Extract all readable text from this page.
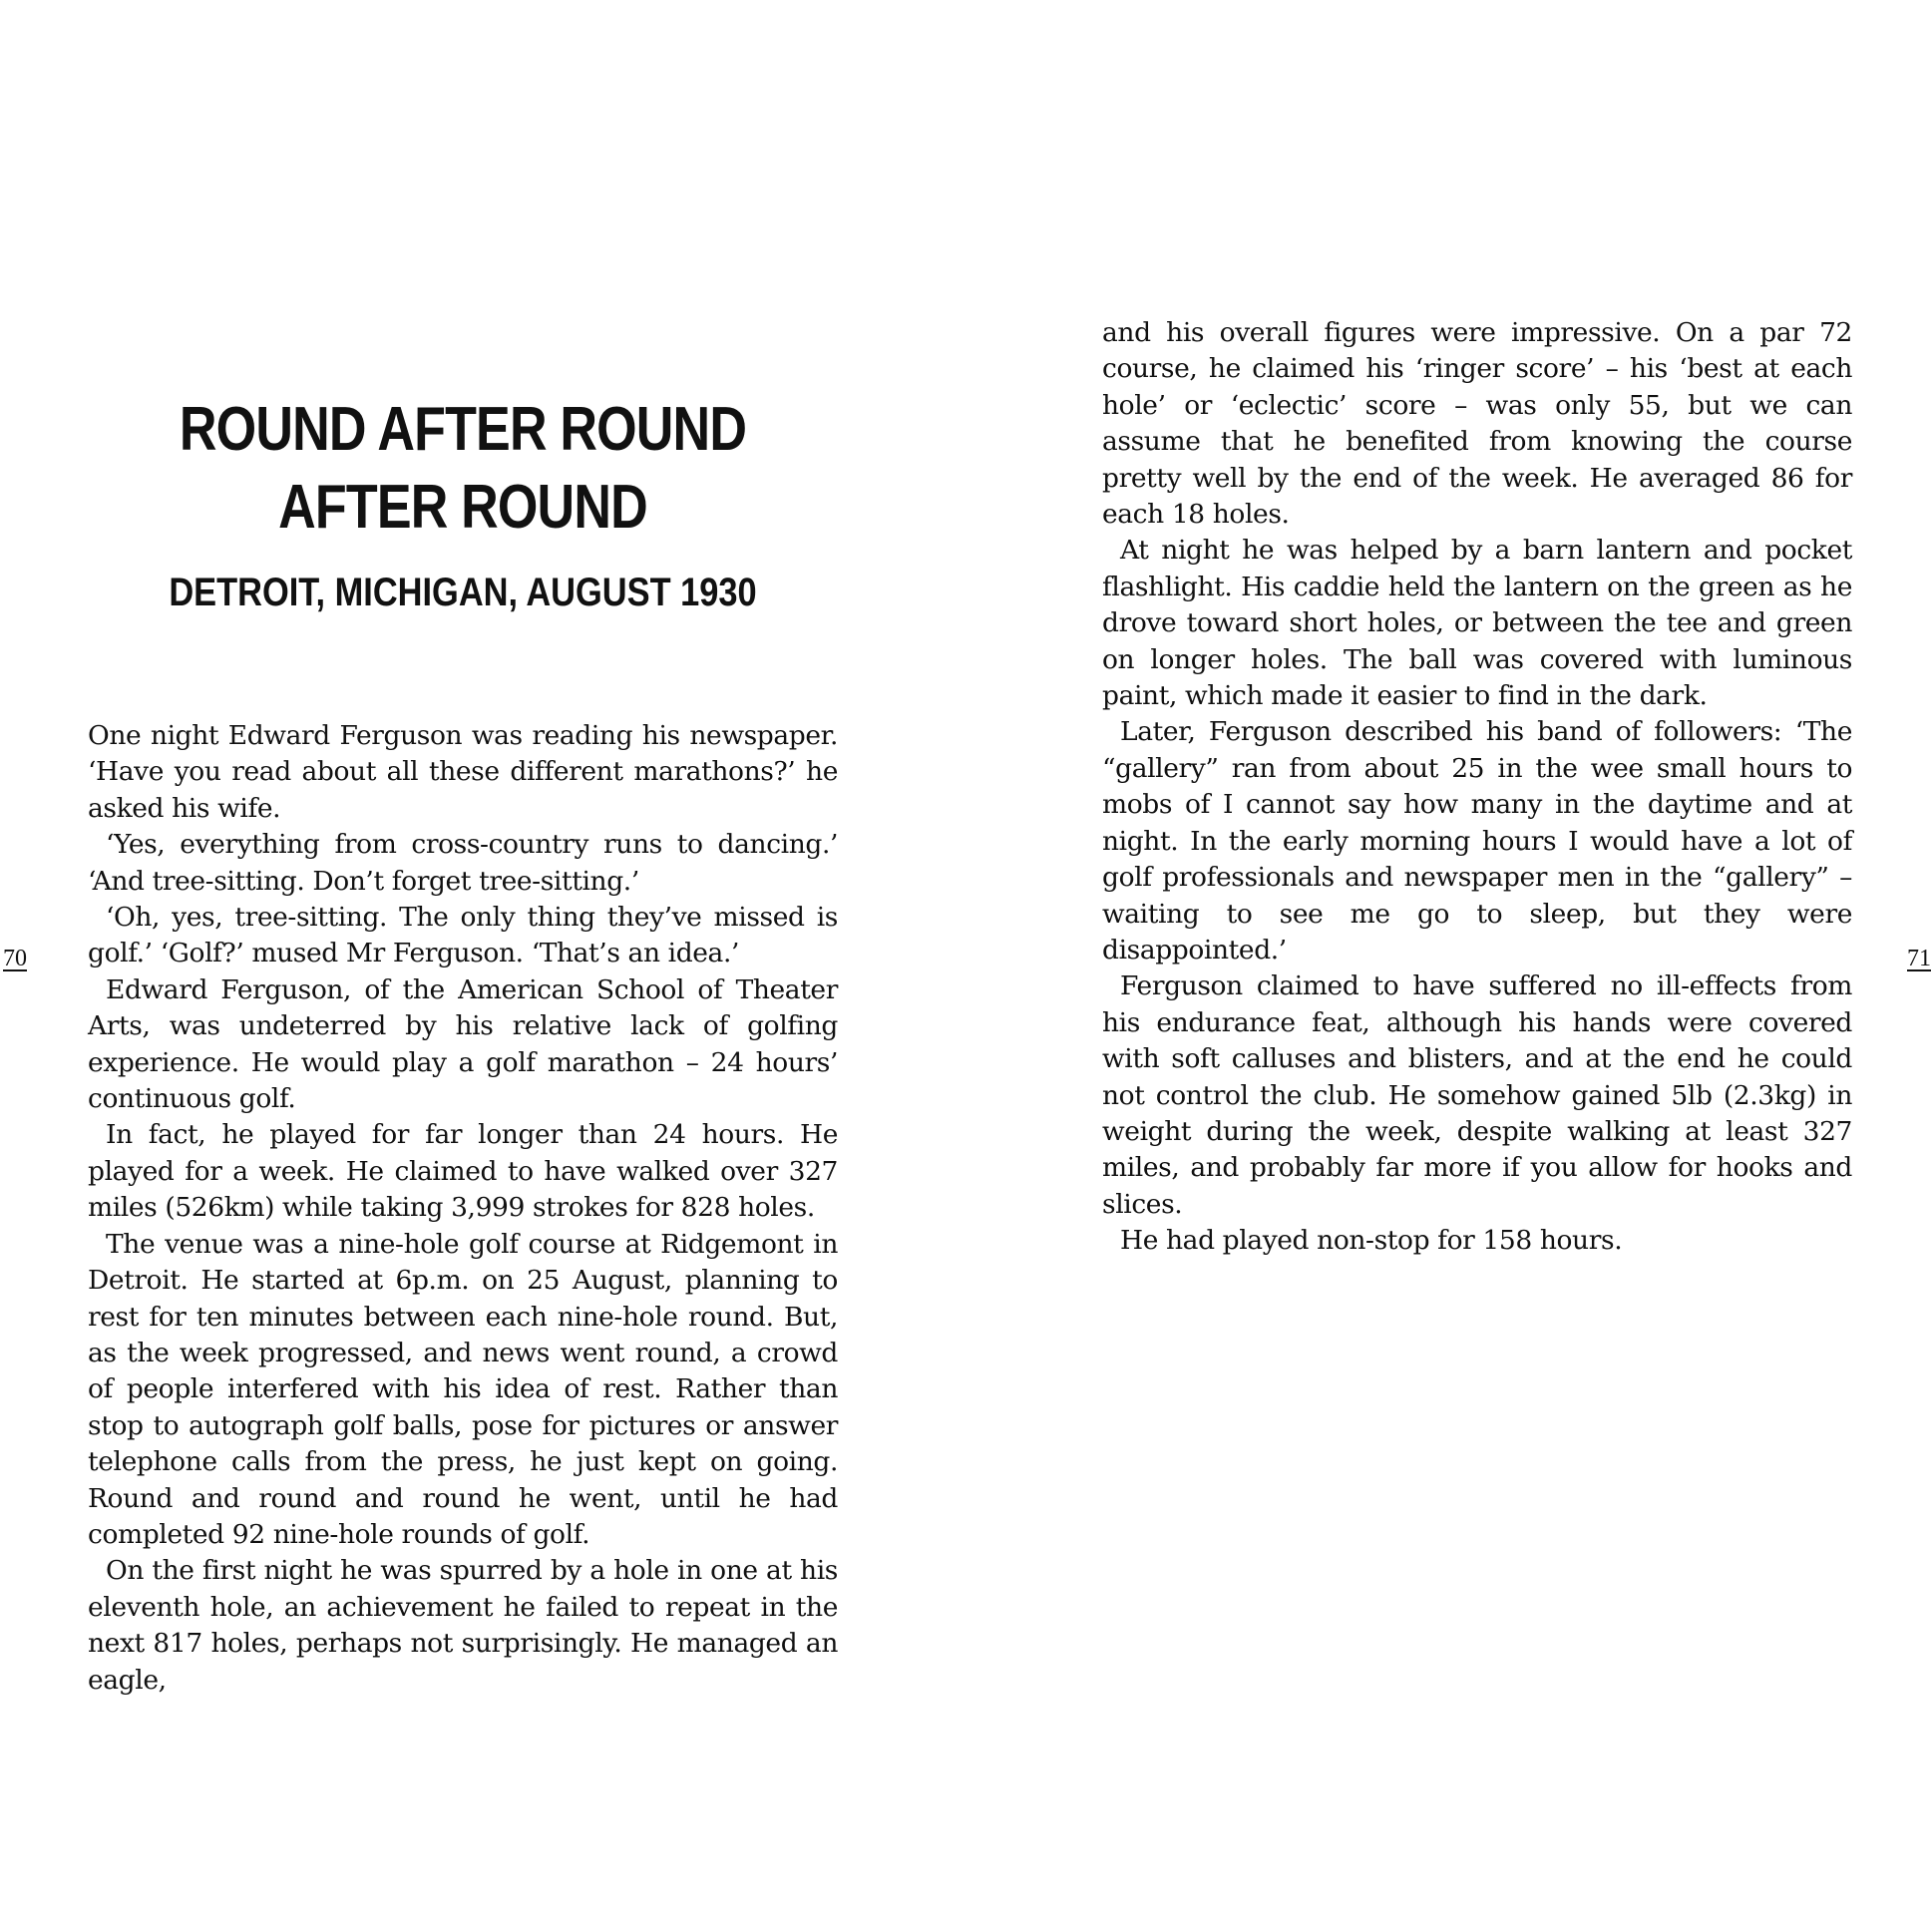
ROUND AFTER ROUND
AFTER ROUND
DETROIT, MICHIGAN, AUGUST 1930

One night Edward Ferguson was reading his newspaper. ‘Have you read about all these different marathons?’ he asked his wife.

‘Yes, everything from cross-country runs to dancing.’ ‘And tree-sitting. Don’t forget tree-sitting.’

‘Oh, yes, tree-sitting. The only thing they’ve missed is golf.’ ‘Golf?’ mused Mr Ferguson. ‘That’s an idea.’

Edward Ferguson, of the American School of Theater Arts, was undeterred by his relative lack of golfing experience. He would play a golf marathon – 24 hours’ continuous golf.

In fact, he played for far longer than 24 hours. He played for a week. He claimed to have walked over 327 miles (526km) while taking 3,999 strokes for 828 holes.

The venue was a nine-hole golf course at Ridgemont in Detroit. He started at 6p.m. on 25 August, planning to rest for ten minutes between each nine-hole round. But, as the week progressed, and news went round, a crowd of people interfered with his idea of rest. Rather than stop to autograph golf balls, pose for pictures or answer telephone calls from the press, he just kept on going. Round and round and round he went, until he had completed 92 nine-hole rounds of golf.

On the first night he was spurred by a hole in one at his eleventh hole, an achievement he failed to repeat in the next 817 holes, perhaps not surprisingly. He managed an eagle,

70

and his overall figures were impressive. On a par 72 course, he claimed his ‘ringer score’ – his ‘best at each hole’ or ‘eclectic’ score – was only 55, but we can assume that he benefited from knowing the course pretty well by the end of the week. He averaged 86 for each 18 holes.

At night he was helped by a barn lantern and pocket flashlight. His caddie held the lantern on the green as he drove toward short holes, or between the tee and green on longer holes. The ball was covered with luminous paint, which made it easier to find in the dark.

Later, Ferguson described his band of followers: ‘The “gallery” ran from about 25 in the wee small hours to mobs of I cannot say how many in the daytime and at night. In the early morning hours I would have a lot of golf professionals and newspaper men in the “gallery” – waiting to see me go to sleep, but they were disappointed.’

Ferguson claimed to have suffered no ill-effects from his endurance feat, although his hands were covered with soft calluses and blisters, and at the end he could not control the club. He somehow gained 5lb (2.3kg) in weight during the week, despite walking at least 327 miles, and probably far more if you allow for hooks and slices.

He had played non-stop for 158 hours.

71
